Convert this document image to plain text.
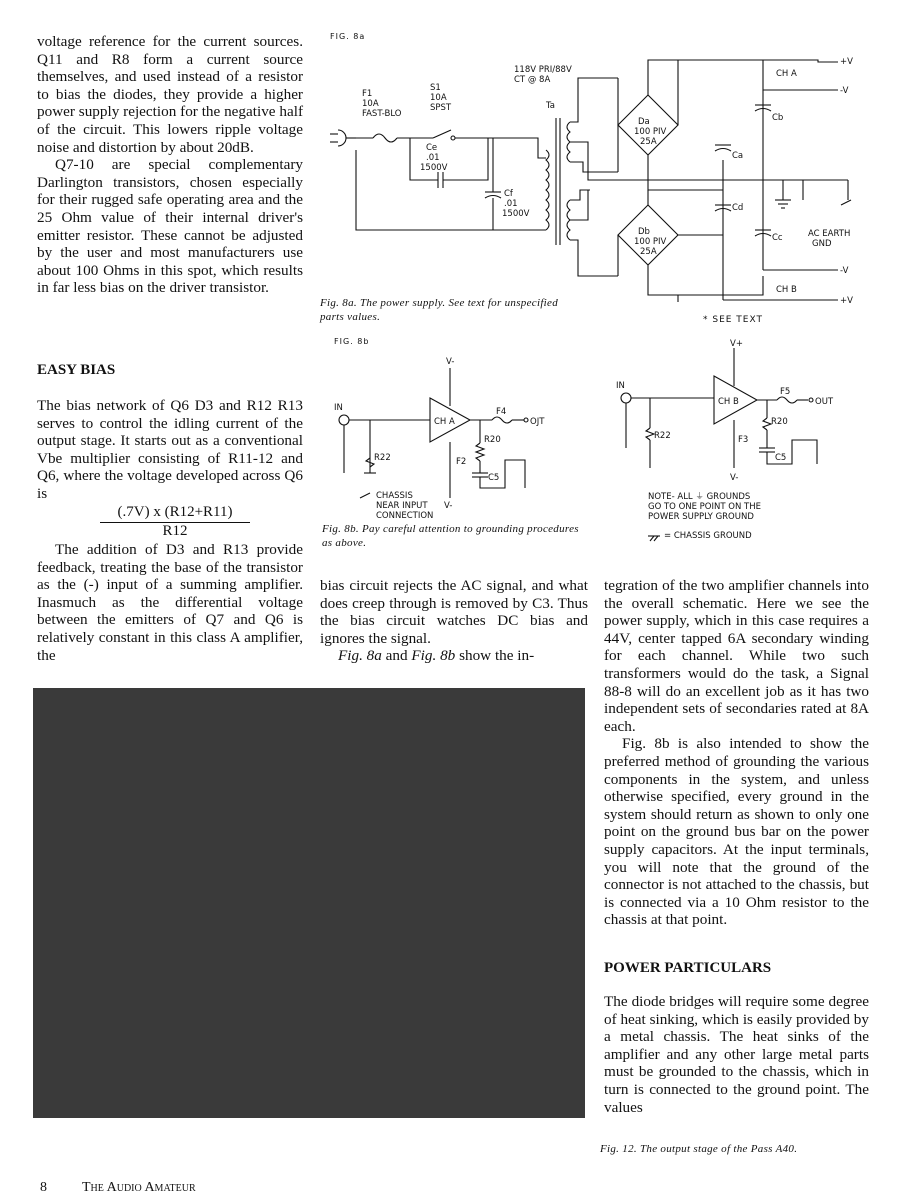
voltage reference for the current sources. Q11 and R8 form a current source themselves, and used instead of a resistor to bias the diodes, they provide a higher power supply rejection for the negative half of the circuit. This lowers ripple voltage noise and distortion by about 20dB.

Q7-10 are special complementary Darlington transistors, chosen especially for their rugged safe operating area and the 25 Ohm value of their internal driver's emitter resistor. These cannot be adjusted by the user and most manufacturers use about 100 Ohms in this spot, which results in far less bias on the driver transistor.

EASY BIAS

The bias network of Q6 D3 and R12 R13 serves to control the idling current of the output stage. It starts out as a conventional Vbe multiplier consisting of R11-12 and Q6, where the voltage developed across Q6 is

$\frac{(.7V) x (R12+R11)}{R12}$

The addition of D3 and R13 provide feedback, treating the base of the transistor as the (-) input of a summing amplifier. Inasmuch as the differential voltage between the emitters of Q7 and Q6 is relatively constant in this class A amplifier, the

bias circuit rejects the AC signal, and what does creep through is removed by C3. Thus the bias circuit watches DC bias and ignores the signal.

Fig. 8a and Fig. 8b show the in-

tegration of the two amplifier channels into the overall schematic. Here we see the power supply, which in this case requires a 44V, center tapped 6A secondary winding for each channel. While two such transformers would do the task, a Signal 88-8 will do an excellent job as it has two independent sets of secondaries rated at 8A each.

Fig. 8b is also intended to show the preferred method of grounding the various components in the system, and unless otherwise specified, every ground in the system should return as shown to only one point on the ground bus bar on the power supply capacitors. At the input terminals, you will note that the ground of the connector is not attached to the chassis, but is connected via a 10 Ohm resistor to the chassis at that point.

POWER PARTICULARS

The diode bridges will require some degree of heat sinking, which is easily provided by a metal chassis. The heat sinks of the amplifier and any other large metal parts must be grounded to the chassis, which in turn is connected to the ground point. The values

FIG. 8a
F1
10A
FAST-BLO
S1
10A
SPST
Ce
.01
1500V
Cf
.01
1500V
118V PRI/88V
CT @ 8A
Ta
Da
100 PIV
25A
Db
100 PIV
25A
Ca
Cb
Cc
Cd
CH A
CH B
+V
-V
-V
+V
AC EARTH
GND
Fig. 8a. The power supply. See text for unspecified parts values.	* SEE TEXT
FIG. 8b
IN
CH A
F4
OJT
R20
R22	F2
C5
V-
CHASSIS
NEAR INPUT
CONNECTION
V-
Fig. 8b. Pay careful attention to grounding procedures as above.
IN
CH B
F5
OUT
R20
R22	F3
C5
V+
V-
NOTE- ALL ⏚ GROUNDS
GO TO ONE POINT ON THE
POWER SUPPLY GROUND
= CHASSIS GROUND
Fig. 12. The output stage of the Pass A40.
8	The Audio Amateur
